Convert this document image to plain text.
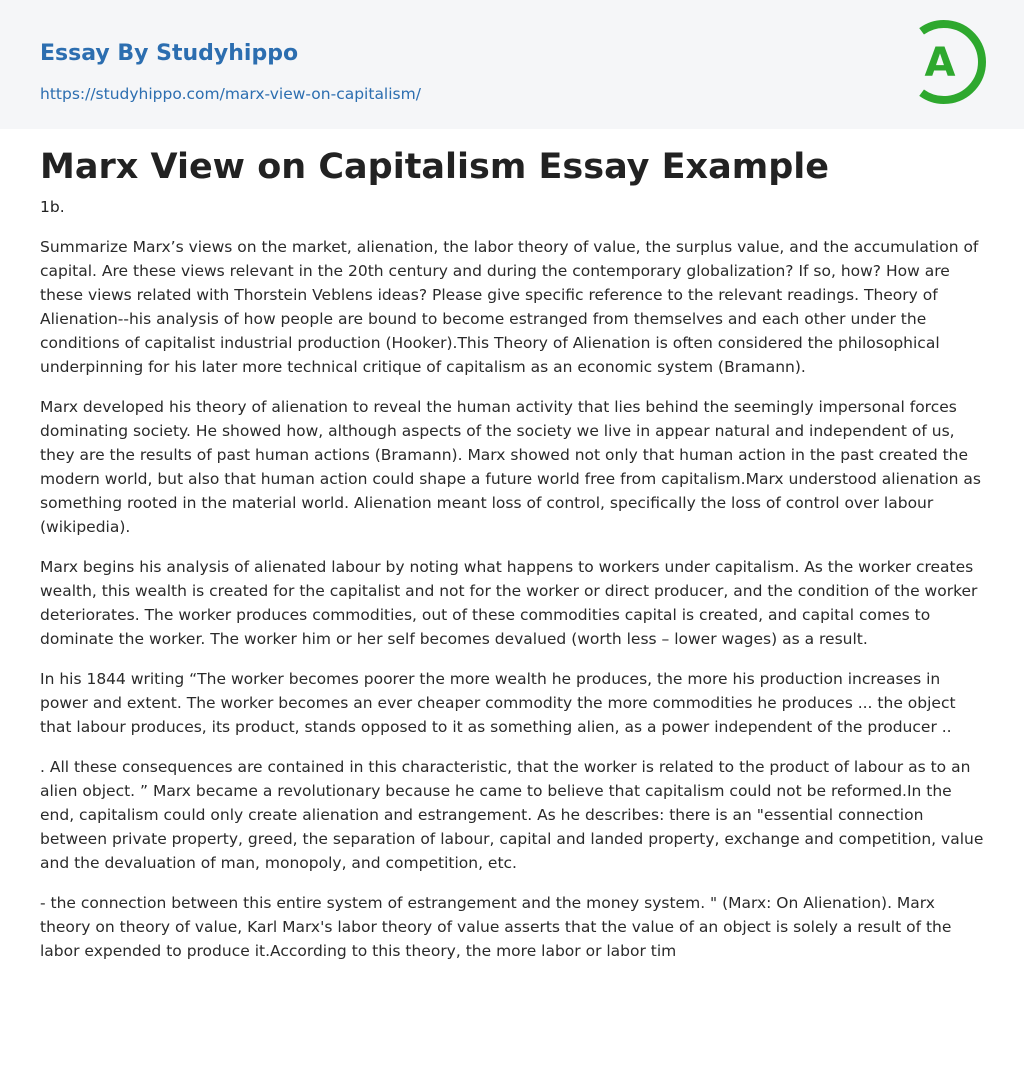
Essay By Studyhippo
https://studyhippo.com/marx-view-on-capitalism/
A
Marx View on Capitalism Essay Example
1b.

Summarize Marx’s views on the market, alienation, the labor theory of value, the surplus value, and the accumulation of capital. Are these views relevant in the 20th century and during the contemporary globalization? If so, how? How are these views related with Thorstein Veblens ideas? Please give specific reference to the relevant readings. Theory of Alienation--his analysis of how people are bound to become estranged from themselves and each other under the conditions of capitalist industrial production (Hooker).This Theory of Alienation is often considered the philosophical underpinning for his later more technical critique of capitalism as an economic system (Bramann).

Marx developed his theory of alienation to reveal the human activity that lies behind the seemingly impersonal forces dominating society. He showed how, although aspects of the society we live in appear natural and independent of us, they are the results of past human actions (Bramann). Marx showed not only that human action in the past created the modern world, but also that human action could shape a future world free from capitalism.Marx understood alienation as something rooted in the material world. Alienation meant loss of control, specifically the loss of control over labour (wikipedia).

Marx begins his analysis of alienated labour by noting what happens to workers under capitalism. As the worker creates wealth, this wealth is created for the capitalist and not for the worker or direct producer, and the condition of the worker deteriorates. The worker produces commodities, out of these commodities capital is created, and capital comes to dominate the worker. The worker him or her self becomes devalued (worth less – lower wages) as a result.

In his 1844 writing “The worker becomes poorer the more wealth he produces, the more his production increases in power and extent. The worker becomes an ever cheaper commodity the more commodities he produces ... the object that labour produces, its product, stands opposed to it as something alien, as a power independent of the producer ..

. All these consequences are contained in this characteristic, that the worker is related to the product of labour as to an alien object. ” Marx became a revolutionary because he came to believe that capitalism could not be reformed.In the end, capitalism could only create alienation and estrangement. As he describes: there is an "essential connection between private property, greed, the separation of labour, capital and landed property, exchange and competition, value and the devaluation of man, monopoly, and competition, etc.

- the connection between this entire system of estrangement and the money system. " (Marx: On Alienation). Marx theory on theory of value, Karl Marx's labor theory of value asserts that the value of an object is solely a result of the labor expended to produce it.According to this theory, the more labor or labor tim
